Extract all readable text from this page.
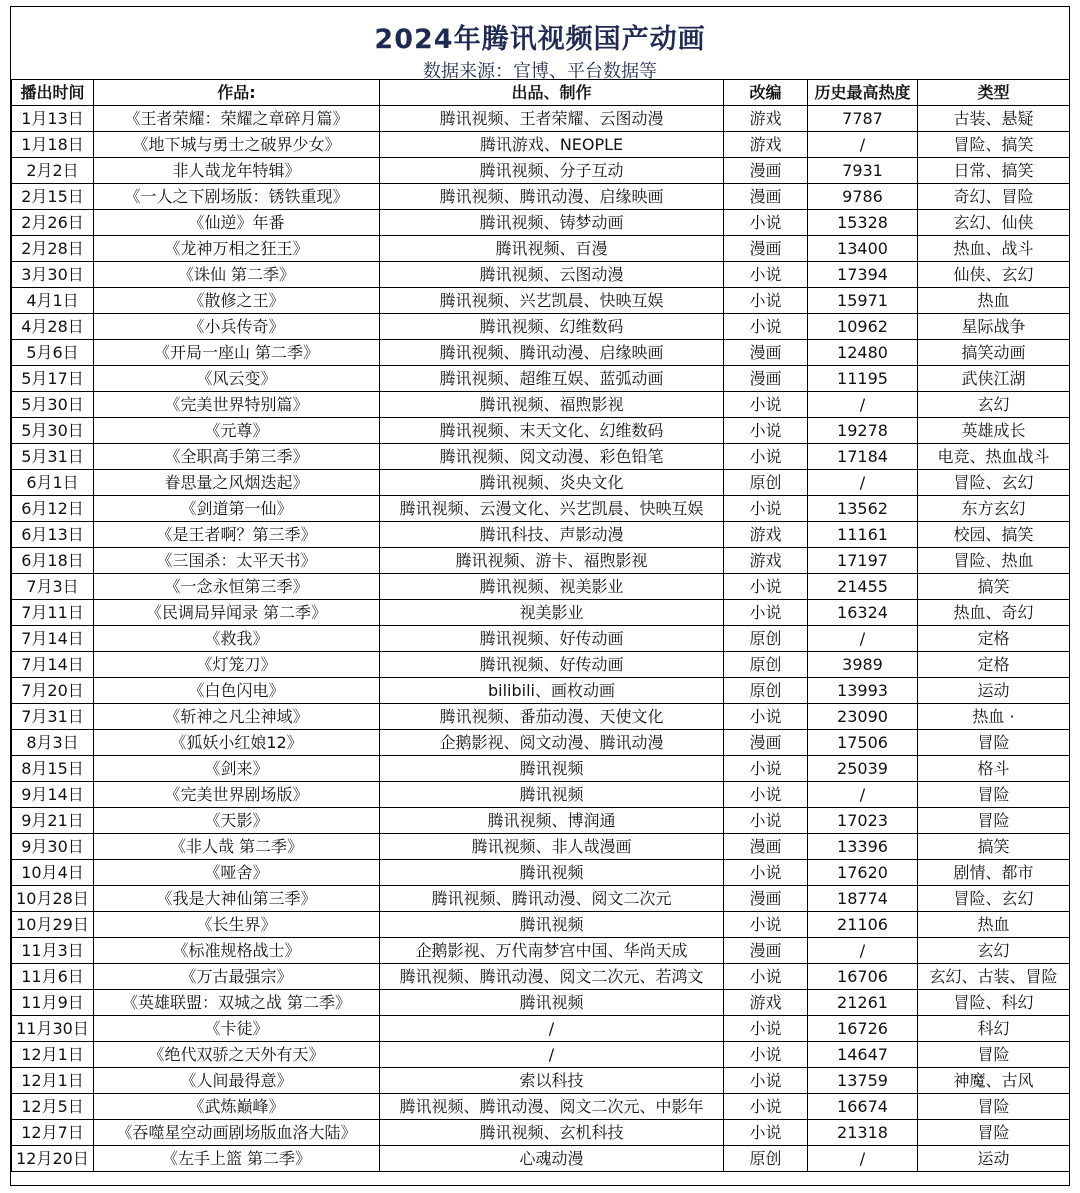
2024年腾讯视频国产动画
数据来源：官博、平台数据等
播出时间	作品:	出品、制作	改编	历史最高热度	类型
1月13日	《王者荣耀：荣耀之章碎月篇》	腾讯视频、王者荣耀、云图动漫	游戏	7787	古装、悬疑
1月18日	《地下城与勇士之破界少女》	腾讯游戏、NEOPLE	游戏	/	冒险、搞笑
2月2日	非人哉龙年特辑》	腾讯视频、分子互动	漫画	7931	日常、搞笑
2月15日	《一人之下剧场版：锈铁重现》	腾讯视频、腾讯动漫、启缘映画	漫画	9786	奇幻、冒险
2月26日	《仙逆》年番	腾讯视频、铸梦动画	小说	15328	玄幻、仙侠
2月28日	《龙神万相之狂王》	腾讯视频、百漫	漫画	13400	热血、战斗
3月30日	《诛仙 第二季》	腾讯视频、云图动漫	小说	17394	仙侠、玄幻
4月1日	《散修之王》	腾讯视频、兴艺凯晨、快映互娱	小说	15971	热血
4月28日	《小兵传奇》	腾讯视频、幻维数码	小说	10962	星际战争
5月6日	《开局一座山 第二季》	腾讯视频、腾讯动漫、启缘映画	漫画	12480	搞笑动画
5月17日	《风云变》	腾讯视频、超维互娱、蓝弧动画	漫画	11195	武侠江湖
5月30日	《完美世界特别篇》	腾讯视频、福煦影视	小说	/	玄幻
5月30日	《元尊》	腾讯视频、末天文化、幻维数码	小说	19278	英雄成长
5月31日	《全职高手第三季》	腾讯视频、阅文动漫、彩色铅笔	小说	17184	电竞、热血战斗
6月1日	眷思量之风烟迭起》	腾讯视频、炎央文化	原创	/	冒险、玄幻
6月12日	《剑道第一仙》	腾讯视频、云漫文化、兴艺凯晨、快映互娱	小说	13562	东方玄幻
6月13日	《是王者啊？第三季》	腾讯科技、声影动漫	游戏	11161	校园、搞笑
6月18日	《三国杀：太平天书》	腾讯视频、游卡、福煦影视	游戏	17197	冒险、热血
7月3日	《一念永恒第三季》	腾讯视频、视美影业	小说	21455	搞笑
7月11日	《民调局异闻录 第二季》	视美影业	小说	16324	热血、奇幻
7月14日	《救我》	腾讯视频、好传动画	原创	/	定格
7月14日	《灯笼刀》	腾讯视频、好传动画	原创	3989	定格
7月20日	《白色闪电》	bilibili、画枚动画	原创	13993	运动
7月31日	《斩神之凡尘神域》	腾讯视频、番茄动漫、天使文化	小说	23090	热血 ·
8月3日	《狐妖小红娘12》	企鹅影视、阅文动漫、腾讯动漫	漫画	17506	冒险
8月15日	《剑来》	腾讯视频	小说	25039	格斗
9月14日	《完美世界剧场版》	腾讯视频	小说	/	冒险
9月21日	《天影》	腾讯视频、博润通	小说	17023	冒险
9月30日	《非人哉 第二季》	腾讯视频、非人哉漫画	漫画	13396	搞笑
10月4日	《哑舍》	腾讯视频	小说	17620	剧情、都市
10月28日	《我是大神仙第三季》	腾讯视频、腾讯动漫、阅文二次元	漫画	18774	冒险、玄幻
10月29日	《长生界》	腾讯视频	小说	21106	热血
11月3日	《标准规格战士》	企鹅影视、万代南梦宫中国、华尚天成	漫画	/	玄幻
11月6日	《万古最强宗》	腾讯视频、腾讯动漫、阅文二次元、若鸿文	小说	16706	玄幻、古装、冒险
11月9日	《英雄联盟：双城之战 第二季》	腾讯视频	游戏	21261	冒险、科幻
11月30日	《卡徒》	/	小说	16726	科幻
12月1日	《绝代双骄之天外有天》	/	小说	14647	冒险
12月1日	《人间最得意》	索以科技	小说	13759	神魔、古风
12月5日	《武炼巅峰》	腾讯视频、腾讯动漫、阅文二次元、中影年	小说	16674	冒险
12月7日	《吞噬星空动画剧场版血洛大陆》	腾讯视频、玄机科技	小说	21318	冒险
12月20日	《左手上篮 第二季》	心魂动漫	原创	/	运动
